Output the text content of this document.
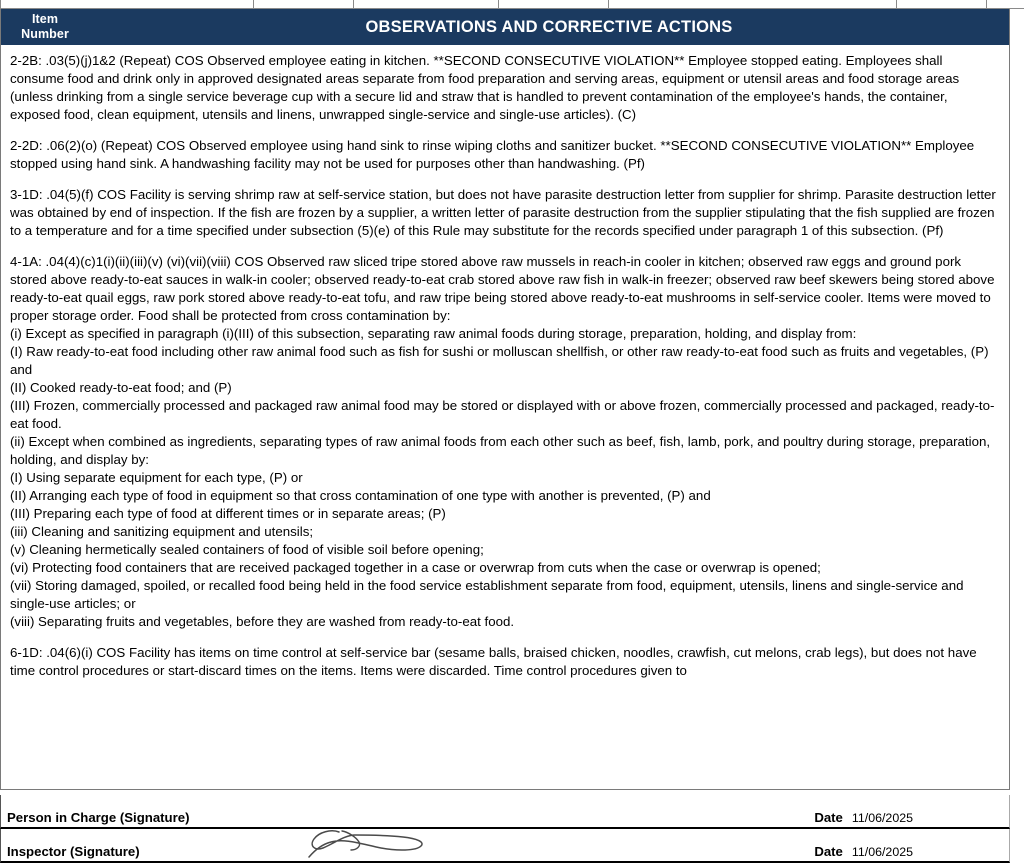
Item
Number	OBSERVATIONS AND CORRECTIVE ACTIONS

2-2B: .03(5)(j)1&2 (Repeat) COS Observed employee eating in kitchen. **SECOND CONSECUTIVE VIOLATION** Employee stopped eating. Employees shall consume food and drink only in approved designated areas separate from food preparation and serving areas, equipment or utensil areas and food storage areas (unless drinking from a single service beverage cup with a secure lid and straw that is handled to prevent contamination of the employee's hands, the container, exposed food, clean equipment, utensils and linens, unwrapped single-service and single-use articles). (C)

2-2D: .06(2)(o) (Repeat) COS Observed employee using hand sink to rinse wiping cloths and sanitizer bucket. **SECOND CONSECUTIVE VIOLATION** Employee stopped using hand sink. A handwashing facility may not be used for purposes other than handwashing. (Pf)

3-1D: .04(5)(f) COS Facility is serving shrimp raw at self-service station, but does not have parasite destruction letter from supplier for shrimp. Parasite destruction letter was obtained by end of inspection. If the fish are frozen by a supplier, a written letter of parasite destruction from the supplier stipulating that the fish supplied are frozen to a temperature and for a time specified under subsection (5)(e) of this Rule may substitute for the records specified under paragraph 1 of this subsection. (Pf)

4-1A: .04(4)(c)1(i)(ii)(iii)(v) (vi)(vii)(viii) COS Observed raw sliced tripe stored above raw mussels in reach-in cooler in kitchen; observed raw eggs and ground pork stored above ready-to-eat sauces in walk-in cooler; observed ready-to-eat crab stored above raw fish in walk-in freezer; observed raw beef skewers being stored above ready-to-eat quail eggs, raw pork stored above ready-to-eat tofu, and raw tripe being stored above ready-to-eat mushrooms in self-service cooler. Items were moved to proper storage order. Food shall be protected from cross contamination by:
(i) Except as specified in paragraph (i)(III) of this subsection, separating raw animal foods during storage, preparation, holding, and display from:
(I) Raw ready-to-eat food including other raw animal food such as fish for sushi or molluscan shellfish, or other raw ready-to-eat food such as fruits and vegetables, (P) and
(II) Cooked ready-to-eat food; and (P)
(III) Frozen, commercially processed and packaged raw animal food may be stored or displayed with or above frozen, commercially processed and packaged, ready-to-eat food.
(ii) Except when combined as ingredients, separating types of raw animal foods from each other such as beef, fish, lamb, pork, and poultry during storage, preparation, holding, and display by:
(I) Using separate equipment for each type, (P) or
(II) Arranging each type of food in equipment so that cross contamination of one type with another is prevented, (P) and
(III) Preparing each type of food at different times or in separate areas; (P)
(iii) Cleaning and sanitizing equipment and utensils;
(v) Cleaning hermetically sealed containers of food of visible soil before opening;
(vi) Protecting food containers that are received packaged together in a case or overwrap from cuts when the case or overwrap is opened;
(vii) Storing damaged, spoiled, or recalled food being held in the food service establishment separate from food, equipment, utensils, linens and single-service and single-use articles; or
(viii) Separating fruits and vegetables, before they are washed from ready-to-eat food.

6-1D: .04(6)(i) COS Facility has items on time control at self-service bar (sesame balls, braised chicken, noodles, crawfish, cut melons, crab legs), but does not have time control procedures or start-discard times on the items. Items were discarded. Time control procedures given to

Person in Charge (Signature)	Date 11/06/2025
Inspector (Signature)	Date 11/06/2025
